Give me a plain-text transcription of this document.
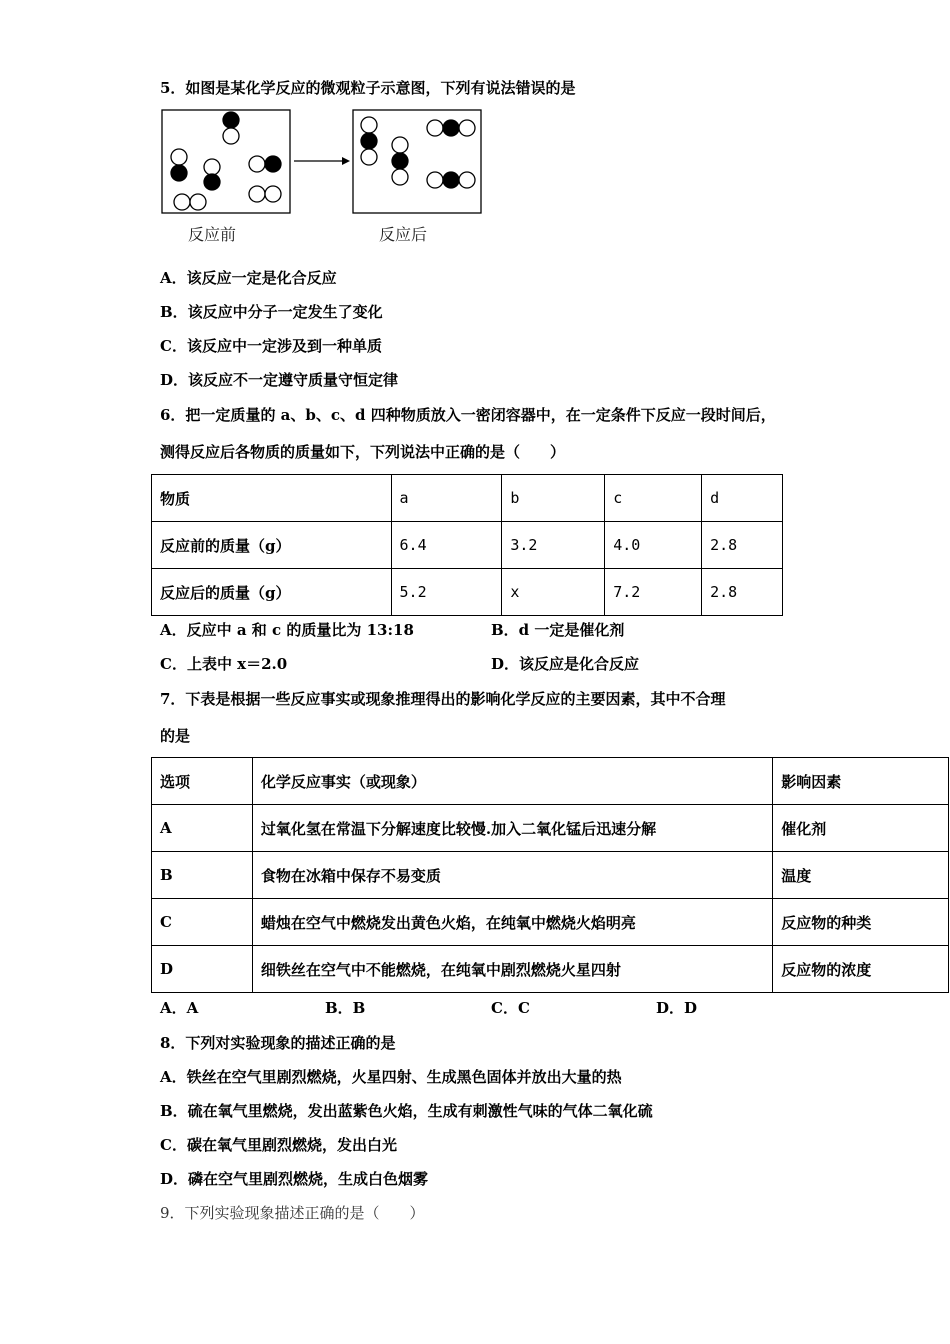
5．如图是某化学反应的微观粒子示意图，下列有说法错误的是
反应前	反应后
A．该反应一定是化合反应
B．该反应中分子一定发生了变化
C．该反应中一定涉及到一种单质
D．该反应不一定遵守质量守恒定律
6．把一定质量的 a、b、c、d 四种物质放入一密闭容器中，在一定条件下反应一段时间后，
测得反应后各物质的质量如下，下列说法中正确的是（　　）
物质	a	b	c	d
反应前的质量（g）	6.4	3.2	4.0	2.8
反应后的质量（g）	5.2	x	7.2	2.8
A．反应中 a 和 c 的质量比为 13:18	B．d 一定是催化剂
C．上表中 x＝2.0	D．该反应是化合反应
7．下表是根据一些反应事实或现象推理得出的影响化学反应的主要因素，其中不合理
的是
选项	化学反应事实（或现象）	影响因素
A	过氧化氢在常温下分解速度比较慢.加入二氧化锰后迅速分解	催化剂
B	食物在冰箱中保存不易变质	温度
C	蜡烛在空气中燃烧发出黄色火焰，在纯氧中燃烧火焰明亮	反应物的种类
D	细铁丝在空气中不能燃烧，在纯氧中剧烈燃烧火星四射	反应物的浓度
A．A	B．B	C．C	D．D
8．下列对实验现象的描述正确的是
A．铁丝在空气里剧烈燃烧，火星四射、生成黑色固体并放出大量的热
B．硫在氧气里燃烧，发出蓝紫色火焰，生成有刺激性气味的气体二氧化硫
C．碳在氧气里剧烈燃烧，发出白光
D．磷在空气里剧烈燃烧，生成白色烟雾
9．下列实验现象描述正确的是（　　）
